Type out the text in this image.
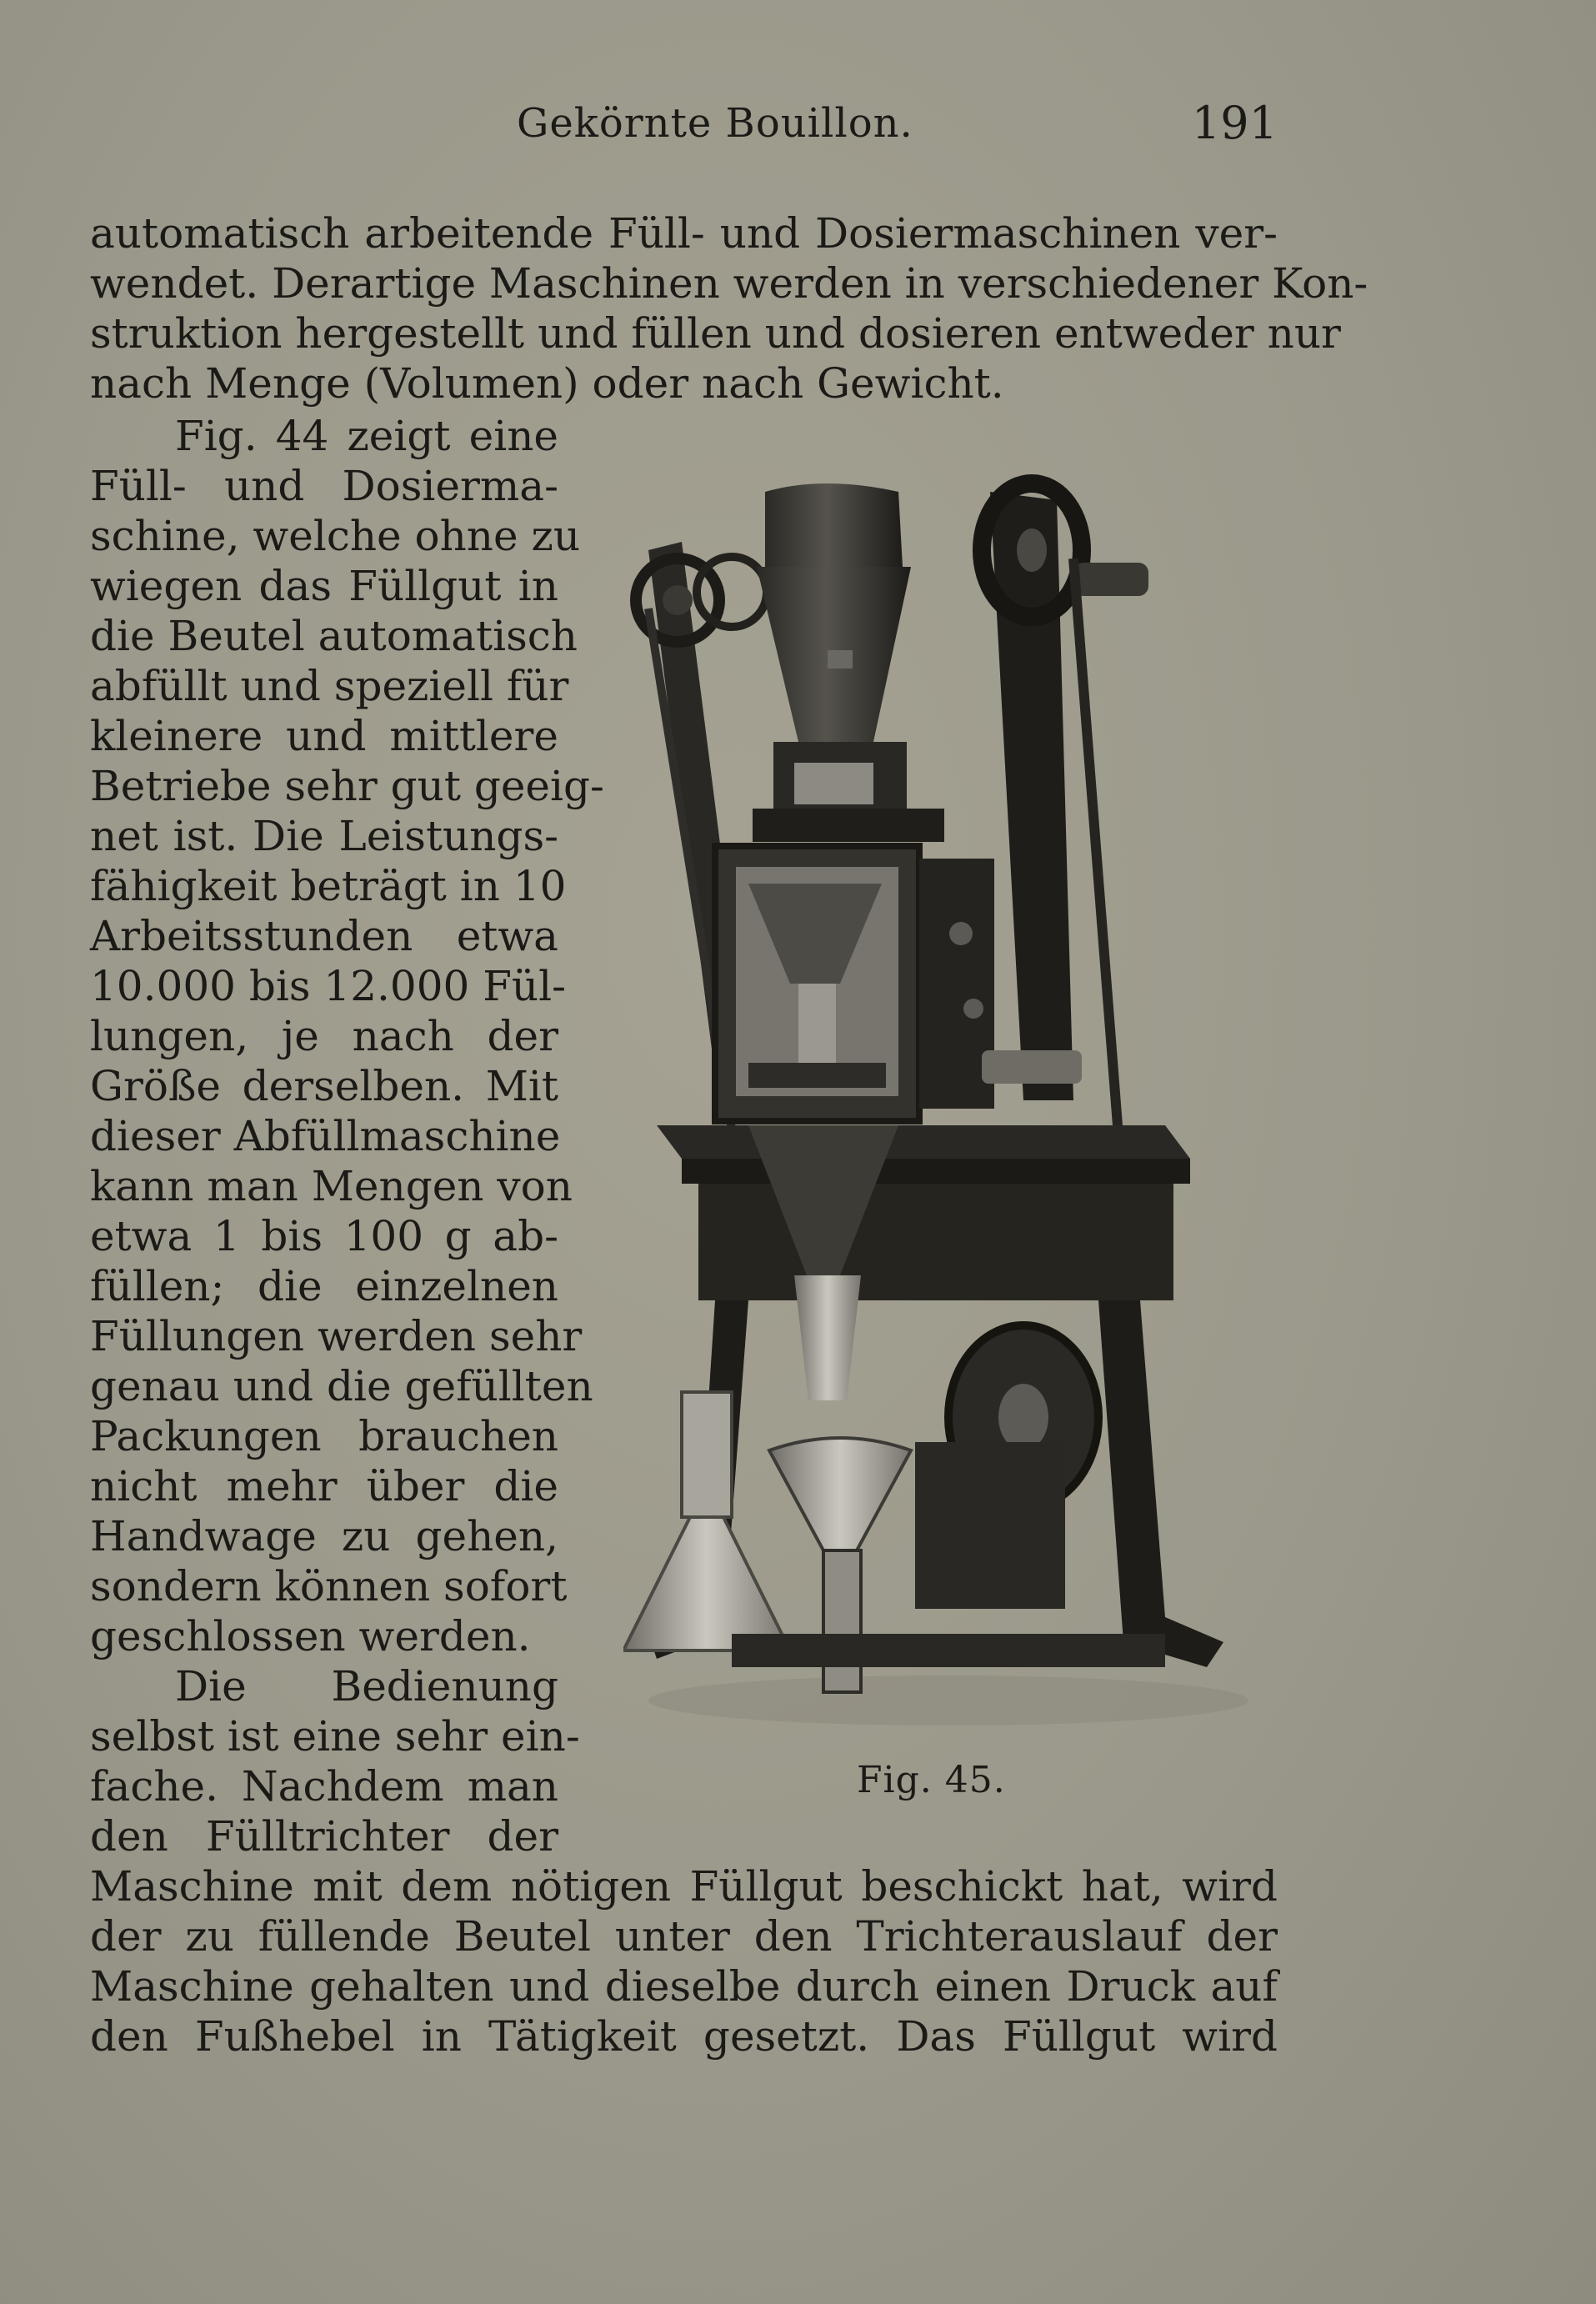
Gekörnte Bouillon.	191
automatisch arbeitende Füll- und Dosiermaschinen ver-
wendet. Derartige Maschinen werden in verschiedener Kon-
struktion hergestellt und füllen und dosieren entweder nur
nach Menge (Volumen) oder nach Gewicht.
Fig. 44 zeigt eine
Füll- und Dosierma-
schine, welche ohne zu
wiegen das Füllgut in
die Beutel automatisch
abfüllt und speziell für
kleinere und mittlere
Betriebe sehr gut geeig-
net ist. Die Leistungs-
fähigkeit beträgt in 10
Arbeitsstunden etwa
10.000 bis 12.000 Fül-
lungen, je nach der
Größe derselben. Mit
dieser Abfüllmaschine
kann man Mengen von
etwa 1 bis 100 g ab-
füllen; die einzelnen
Füllungen werden sehr
genau und die gefüllten
Packungen brauchen
nicht mehr über die
Handwage zu gehen,
sondern können sofort
geschlossen werden.
Die Bedienung
selbst ist eine sehr ein-
fache. Nachdem man
den Fülltrichter der
Fig. 45.
Maschine mit dem nötigen Füllgut beschickt hat, wird
der zu füllende Beutel unter den Trichterauslauf der
Maschine gehalten und dieselbe durch einen Druck auf
den Fußhebel in Tätigkeit gesetzt. Das Füllgut wird
